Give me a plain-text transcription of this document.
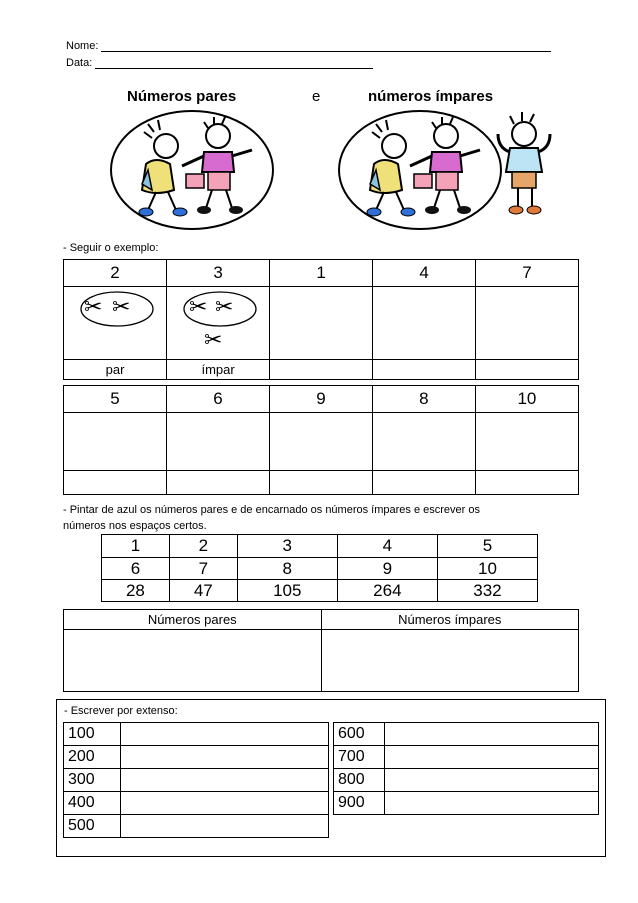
Nome:
Data:
Números pares	e	números ímpares
- Seguir o exemplo:
2	3	1	4	7

✂ ✂	✂ ✂
✂			

par	ímpar			
5	6	9	8	10

- Pintar de azul os números pares e de encarnado os números ímpares e escrever os
números nos espaços certos.
1	2	3	4	5
6	7	8	9	10
28	47	105	264	332
Números pares	Números ímpares

- Escrever por extenso:
100	
200	
300	
400	
500	
600	
700	
800	
900	
